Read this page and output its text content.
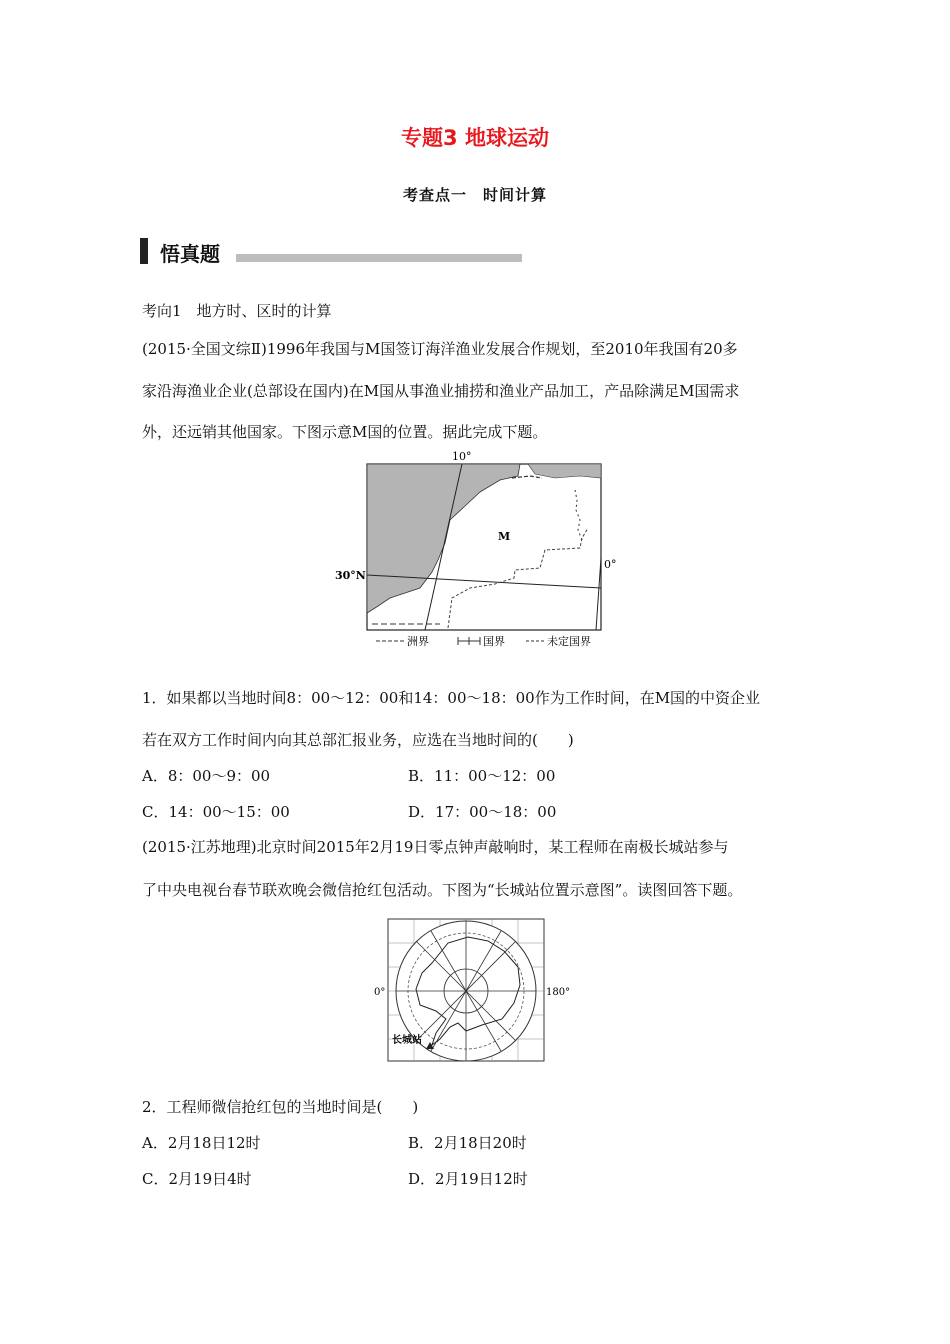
专题3 地球运动
考查点一　时间计算
悟真题
考向1　地方时、区时的计算
(2015·全国文综Ⅱ)1996年我国与M国签订海洋渔业发展合作规划，至2010年我国有20多
家沿海渔业企业(总部设在国内)在M国从事渔业捕捞和渔业产品加工，产品除满足M国需求
外，还远销其他国家。下图示意M国的位置。据此完成下题。
10°
30°N
0°
M
洲界	国界	未定国界
1．如果都以当地时间8：00～12：00和14：00～18：00作为工作时间，在M国的中资企业
若在双方工作时间内向其总部汇报业务，应选在当地时间的(　　)
A．8：00～9：00	B．11：00～12：00
C．14：00～15：00	D．17：00～18：00
(2015·江苏地理)北京时间2015年2月19日零点钟声敲响时，某工程师在南极长城站参与
了中央电视台春节联欢晚会微信抢红包活动。下图为“长城站位置示意图”。读图回答下题。
0°	180°
长城站
2．工程师微信抢红包的当地时间是(　　)
A．2月18日12时	B．2月18日20时
C．2月19日4时	D．2月19日12时
